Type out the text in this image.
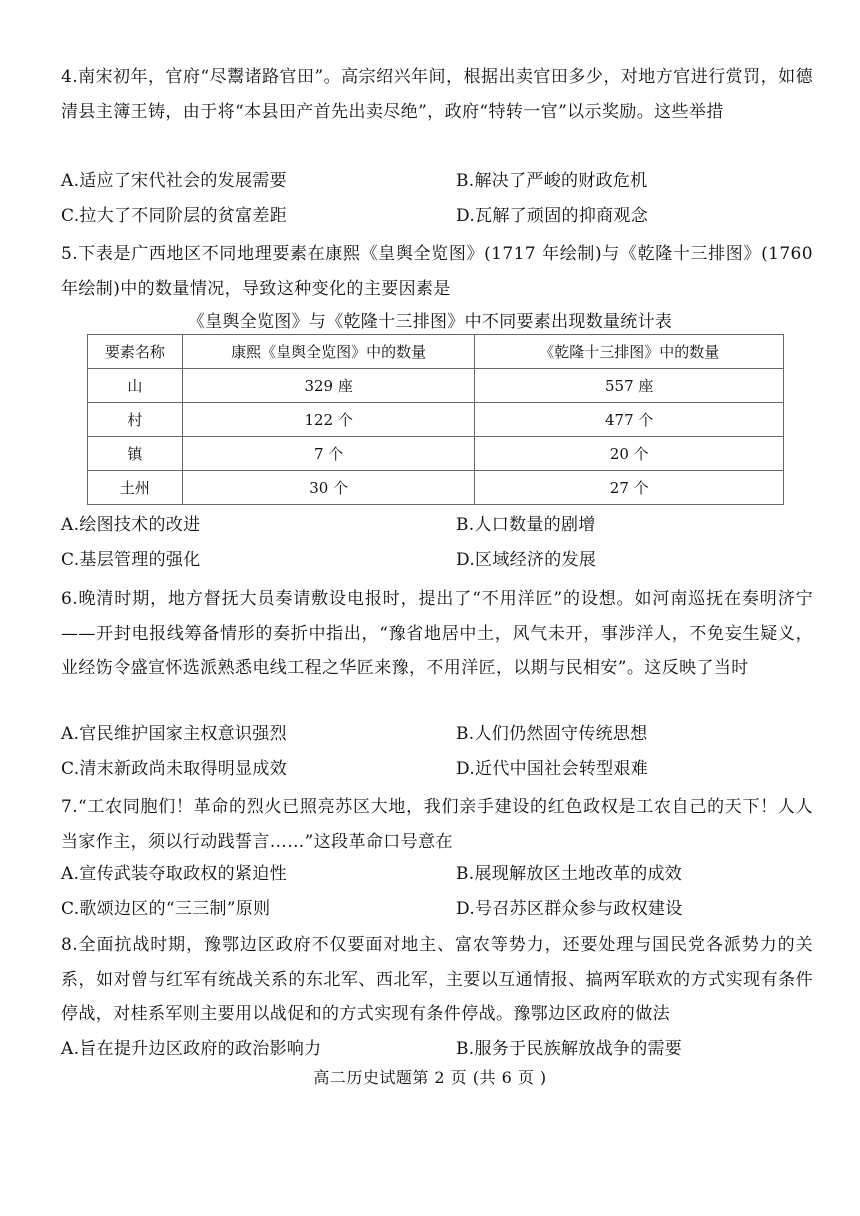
4.南宋初年，官府“尽鬻诸路官田”。高宗绍兴年间，根据出卖官田多少，对地方官进行赏罚，如德清县主簿王铸，由于将“本县田产首先出卖尽绝”，政府“特转一官”以示奖励。这些举措
A.适应了宋代社会的发展需要	B.解决了严峻的财政危机
C.拉大了不同阶层的贫富差距	D.瓦解了顽固的抑商观念
5.下表是广西地区不同地理要素在康熙《皇舆全览图》(1717 年绘制)与《乾隆十三排图》(1760 年绘制)中的数量情况，导致这种变化的主要因素是
《皇舆全览图》与《乾隆十三排图》中不同要素出现数量统计表
要素名称	康熙《皇舆全览图》中的数量	《乾隆十三排图》中的数量
山	329 座	557 座
村	122 个	477 个
镇	7 个	20 个
土州	30 个	27 个
A.绘图技术的改进	B.人口数量的剧增
C.基层管理的强化	D.区域经济的发展
6.晚清时期，地方督抚大员奏请敷设电报时，提出了“不用洋匠”的设想。如河南巡抚在奏明济宁——开封电报线筹备情形的奏折中指出，“豫省地居中土，风气未开，事涉洋人，不免妄生疑义，业经饬令盛宣怀选派熟悉电线工程之华匠来豫，不用洋匠，以期与民相安”。这反映了当时
A.官民维护国家主权意识强烈	B.人们仍然固守传统思想
C.清末新政尚未取得明显成效	D.近代中国社会转型艰难
7.“工农同胞们！革命的烈火已照亮苏区大地，我们亲手建设的红色政权是工农自己的天下！人人当家作主，须以行动践誓言……”这段革命口号意在
A.宣传武装夺取政权的紧迫性	B.展现解放区土地改革的成效
C.歌颂边区的“三三制”原则	D.号召苏区群众参与政权建设
8.全面抗战时期，豫鄂边区政府不仅要面对地主、富农等势力，还要处理与国民党各派势力的关系，如对曾与红军有统战关系的东北军、西北军，主要以互通情报、搞两军联欢的方式实现有条件停战，对桂系军则主要用以战促和的方式实现有条件停战。豫鄂边区政府的做法
A.旨在提升边区政府的政治影响力	B.服务于民族解放战争的需要
高二历史试题第 2 页 (共 6 页 )
